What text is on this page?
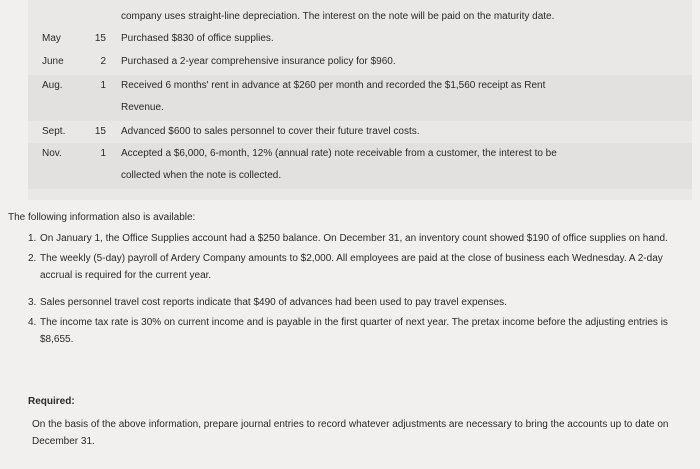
company uses straight-line depreciation. The interest on the note will be paid on the maturity date.
May	15 Purchased $830 of office supplies.
June	2 Purchased a 2-year comprehensive insurance policy for $960.
Aug.	1 Received 6 months' rent in advance at $260 per month and recorded the $1,560 receipt as Rent
Revenue.
Sept.	15 Advanced $600 to sales personnel to cover their future travel costs.
Nov.	1 Accepted a $6,000, 6-month, 12% (annual rate) note receivable from a customer, the interest to be
collected when the note is collected.
The following information also is available:
1. On January 1, the Office Supplies account had a $250 balance. On December 31, an inventory count showed $190 of office supplies on hand.
2. The weekly (5-day) payroll of Ardery Company amounts to $2,000. All employees are paid at the close of business each Wednesday. A 2-day accrual is required for the current year.
3. Sales personnel travel cost reports indicate that $490 of advances had been used to pay travel expenses.
4. The income tax rate is 30% on current income and is payable in the first quarter of next year. The pretax income before the adjusting entries is $8,655.
Required:
On the basis of the above information, prepare journal entries to record whatever adjustments are necessary to bring the accounts up to date on December 31.
